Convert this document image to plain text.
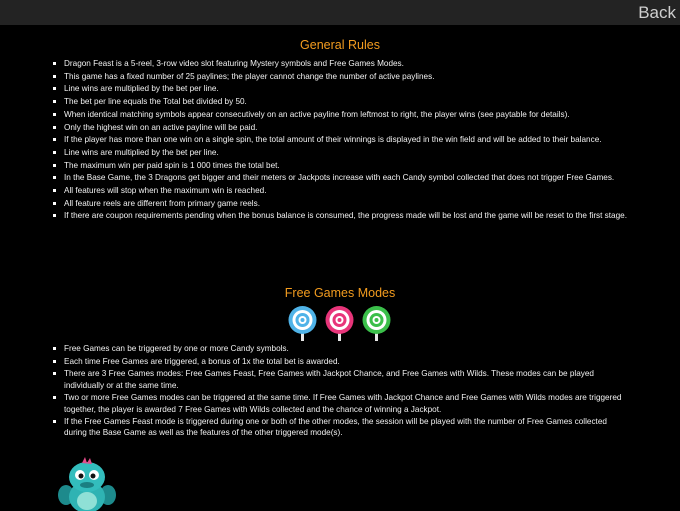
Back
General Rules
Dragon Feast is a 5-reel, 3-row video slot featuring Mystery symbols and Free Games Modes.
This game has a fixed number of 25 paylines; the player cannot change the number of active paylines.
Line wins are multiplied by the bet per line.
The bet per line equals the Total bet divided by 50.
When identical matching symbols appear consecutively on an active payline from leftmost to right, the player wins (see paytable for details).
Only the highest win on an active payline will be paid.
If the player has more than one win on a single spin, the total amount of their winnings is displayed in the win field and will be added to their balance.
Line wins are multiplied by the bet per line.
The maximum win per paid spin is 1 000 times the total bet.
In the Base Game, the 3 Dragons get bigger and their meters or Jackpots increase with each Candy symbol collected that does not trigger Free Games.
All features will stop when the maximum win is reached.
All feature reels are different from primary game reels.
If there are coupon requirements pending when the bonus balance is consumed, the progress made will be lost and the game will be reset to the first stage.
Free Games Modes
Free Games can be triggered by one or more Candy symbols.
Each time Free Games are triggered, a bonus of 1x the total bet is awarded.
There are 3 Free Games modes: Free Games Feast, Free Games with Jackpot Chance, and Free Games with Wilds. These modes can be played individually or at the same time.
Two or more Free Games modes can be triggered at the same time. If Free Games with Jackpot Chance and Free Games with Wilds modes are triggered together, the player is awarded 7 Free Games with Wilds collected and the chance of winning a Jackpot.
If the Free Games Feast mode is triggered during one or both of the other modes, the session will be played with the number of Free Games collected during the Base Game as well as the features of the other triggered mode(s).
